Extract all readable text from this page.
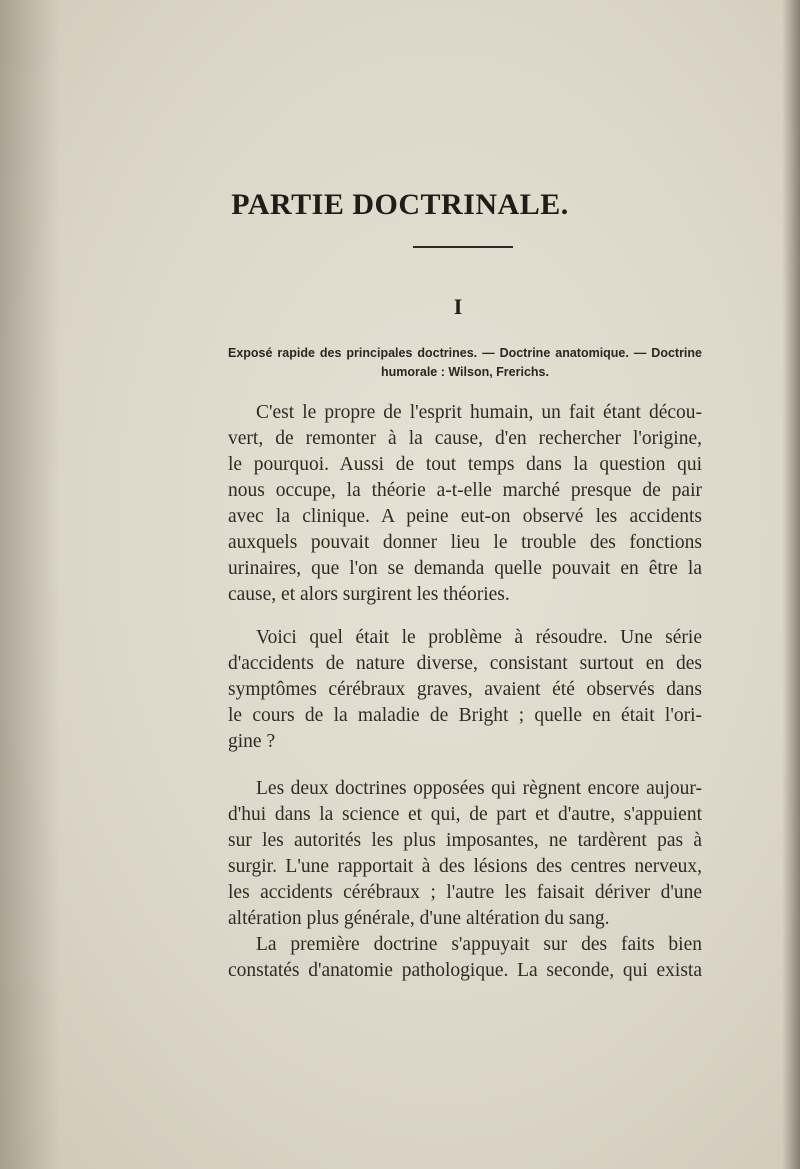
PARTIE DOCTRINALE.
I
Exposé rapide des principales doctrines. — Doctrine anatomique. — Doctrine
humorale : Wilson, Frerichs.
C'est le propre de l'esprit humain, un fait étant décou-
vert, de remonter à la cause, d'en rechercher l'origine,
le pourquoi. Aussi de tout temps dans la question qui
nous occupe, la théorie a-t-elle marché presque de pair
avec la clinique. A peine eut-on observé les accidents
auxquels pouvait donner lieu le trouble des fonctions
urinaires, que l'on se demanda quelle pouvait en être la
cause, et alors surgirent les théories.
Voici quel était le problème à résoudre. Une série
d'accidents de nature diverse, consistant surtout en des
symptômes cérébraux graves, avaient été observés dans
le cours de la maladie de Bright ; quelle en était l'ori-
gine ?
Les deux doctrines opposées qui règnent encore aujour-
d'hui dans la science et qui, de part et d'autre, s'appuient
sur les autorités les plus imposantes, ne tardèrent pas à
surgir. L'une rapportait à des lésions des centres nerveux,
les accidents cérébraux ; l'autre les faisait dériver d'une
altération plus générale, d'une altération du sang.
La première doctrine s'appuyait sur des faits bien
constatés d'anatomie pathologique. La seconde, qui exista
